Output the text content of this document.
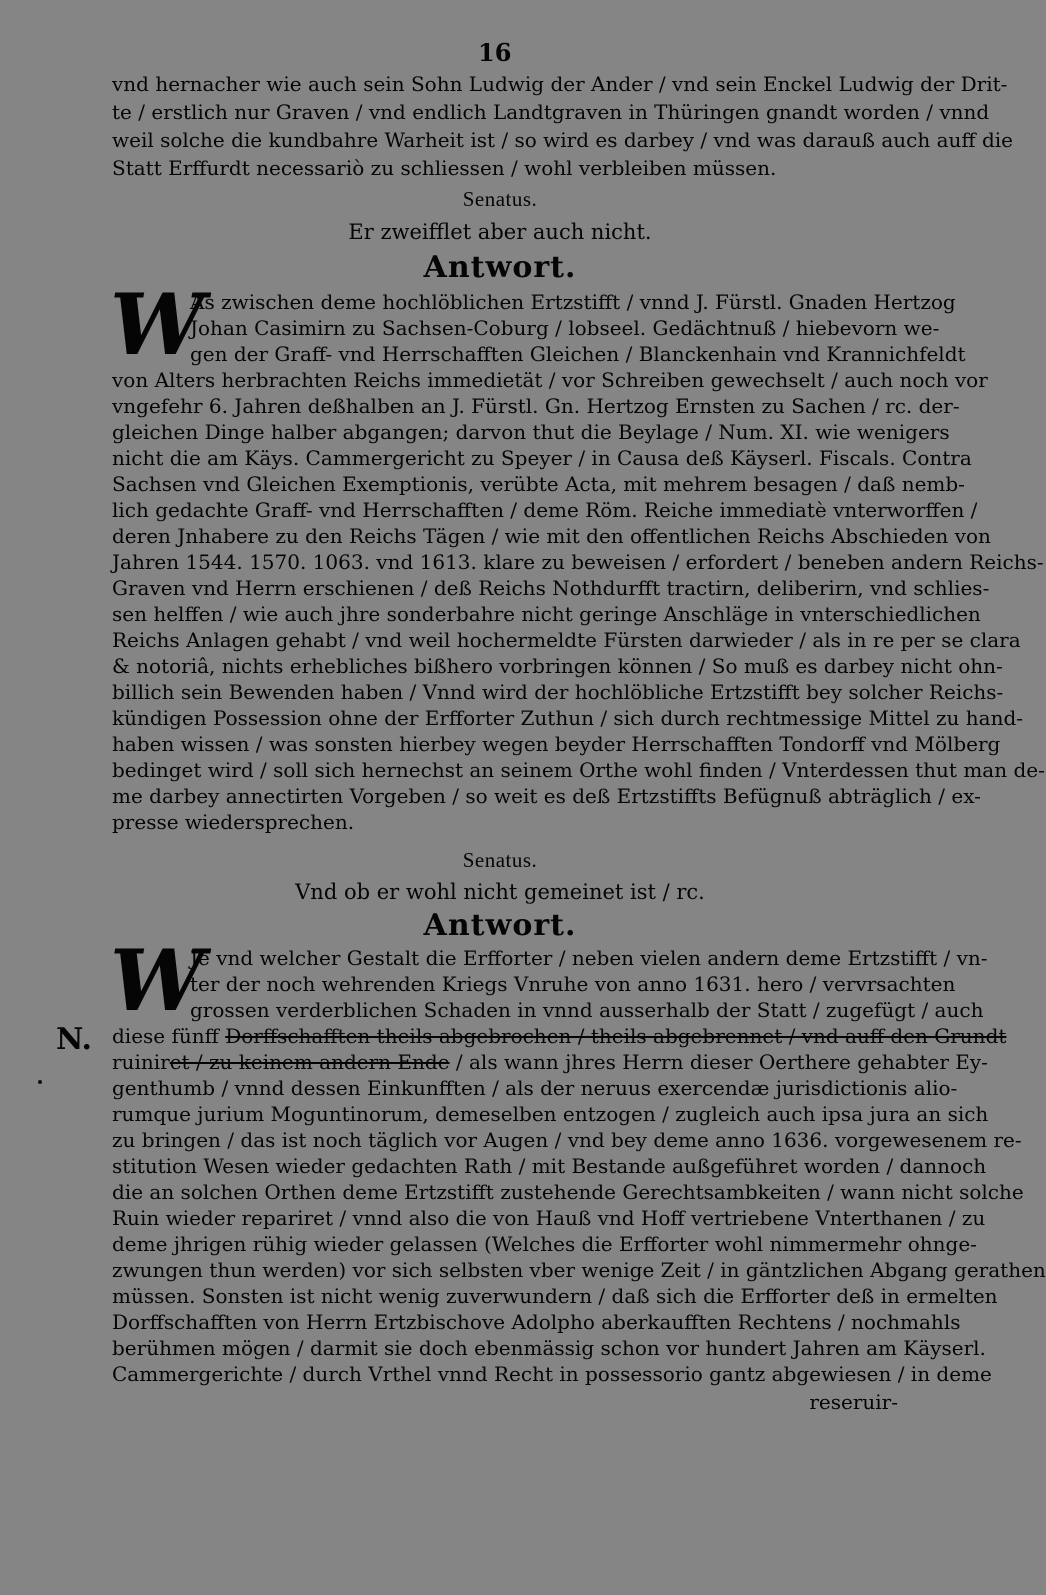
16
vnd hernacher wie auch sein Sohn Ludwig der Ander / vnd sein Enckel Ludwig der Drit-
te / erstlich nur Graven / vnd endlich Landtgraven in Thüringen gnandt worden / vnnd
weil solche die kundbahre Warheit ist / so wird es darbey / vnd was darauß auch auff die
Statt Erffurdt necessariò zu schliessen / wohl verbleiben müssen.
Senatus.
Er zweifflet aber auch nicht.
Antwort.
W
As zwischen deme hochlöblichen Ertzstifft / vnnd J. Fürstl. Gnaden Hertzog
Johan Casimirn zu Sachsen-Coburg / lobseel. Gedächtnuß / hiebevorn we-
gen der Graff- vnd Herrschafften Gleichen / Blanckenhain vnd Krannichfeldt
von Alters herbrachten Reichs immedietät / vor Schreiben gewechselt / auch noch vor
vngefehr 6. Jahren deßhalben an J. Fürstl. Gn. Hertzog Ernsten zu Sachen / rc. der-
gleichen Dinge halber abgangen; darvon thut die Beylage / Num. XI. wie wenigers
nicht die am Käys. Cammergericht zu Speyer / in Causa deß Käyserl. Fiscals. Contra
Sachsen vnd Gleichen Exemptionis, verübte Acta, mit mehrem besagen / daß nemb-
lich gedachte Graff- vnd Herrschafften / deme Röm. Reiche immediatè vnterworffen /
deren Jnhabere zu den Reichs Tägen / wie mit den offentlichen Reichs Abschieden von
Jahren 1544. 1570. 1063. vnd 1613. klare zu beweisen / erfordert / beneben andern Reichs-
Graven vnd Herrn erschienen / deß Reichs Nothdurfft tractirn, deliberirn, vnd schlies-
sen helffen / wie auch jhre sonderbahre nicht geringe Anschläge in vnterschiedlichen
Reichs Anlagen gehabt / vnd weil hochermeldte Fürsten darwieder / als in re per se clara
& notoriâ, nichts erhebliches bißhero vorbringen können / So muß es darbey nicht ohn-
billich sein Bewenden haben / Vnnd wird der hochlöbliche Ertzstifft bey solcher Reichs-
kündigen Possession ohne der Erfforter Zuthun / sich durch rechtmessige Mittel zu hand-
haben wissen / was sonsten hierbey wegen beyder Herrschafften Tondorff vnd Mölberg
bedinget wird / soll sich hernechst an seinem Orthe wohl finden / Vnterdessen thut man de-
me darbey annectirten Vorgeben / so weit es deß Ertzstiffts Befügnuß abträglich / ex-
presse wiedersprechen.
Senatus.
Vnd ob er wohl nicht gemeinet ist / rc.
Antwort.
W
Je vnd welcher Gestalt die Erfforter / neben vielen andern deme Ertzstifft / vn-
ter der noch wehrenden Kriegs Vnruhe von anno 1631. hero / vervrsachten
grossen verderblichen Schaden in vnnd ausserhalb der Statt / zugefügt / auch
N. diese fünff Dorffschafften theils abgebrochen / theils abgebrennet / vnd auff den Grundt
ruiniret / zu keinem andern Ende / als wann jhres Herrn dieser Oerthere gehabter Ey-
genthumb / vnnd dessen Einkunfften / als der neruus exercendæ jurisdictionis alio-
rumque jurium Moguntinorum, demeselben entzogen / zugleich auch ipsa jura an sich
zu bringen / das ist noch täglich vor Augen / vnd bey deme anno 1636. vorgewesenem re-
stitution Wesen wieder gedachten Rath / mit Bestande außgeführet worden / dannoch
die an solchen Orthen deme Ertzstifft zustehende Gerechtsambkeiten / wann nicht solche
Ruin wieder repariret / vnnd also die von Hauß vnd Hoff vertriebene Vnterthanen / zu
deme jhrigen rühig wieder gelassen (Welches die Erfforter wohl nimmermehr ohnge-
zwungen thun werden) vor sich selbsten vber wenige Zeit / in gäntzlichen Abgang gerathen
müssen. Sonsten ist nicht wenig zuverwundern / daß sich die Erfforter deß in ermelten
Dorffschafften von Herrn Ertzbischove Adolpho aberkaufften Rechtens / nochmahls
berühmen mögen / darmit sie doch ebenmässig schon vor hundert Jahren am Käyserl.
Cammergerichte / durch Vrthel vnnd Recht in possessorio gantz abgewiesen / in deme
reseruir-
